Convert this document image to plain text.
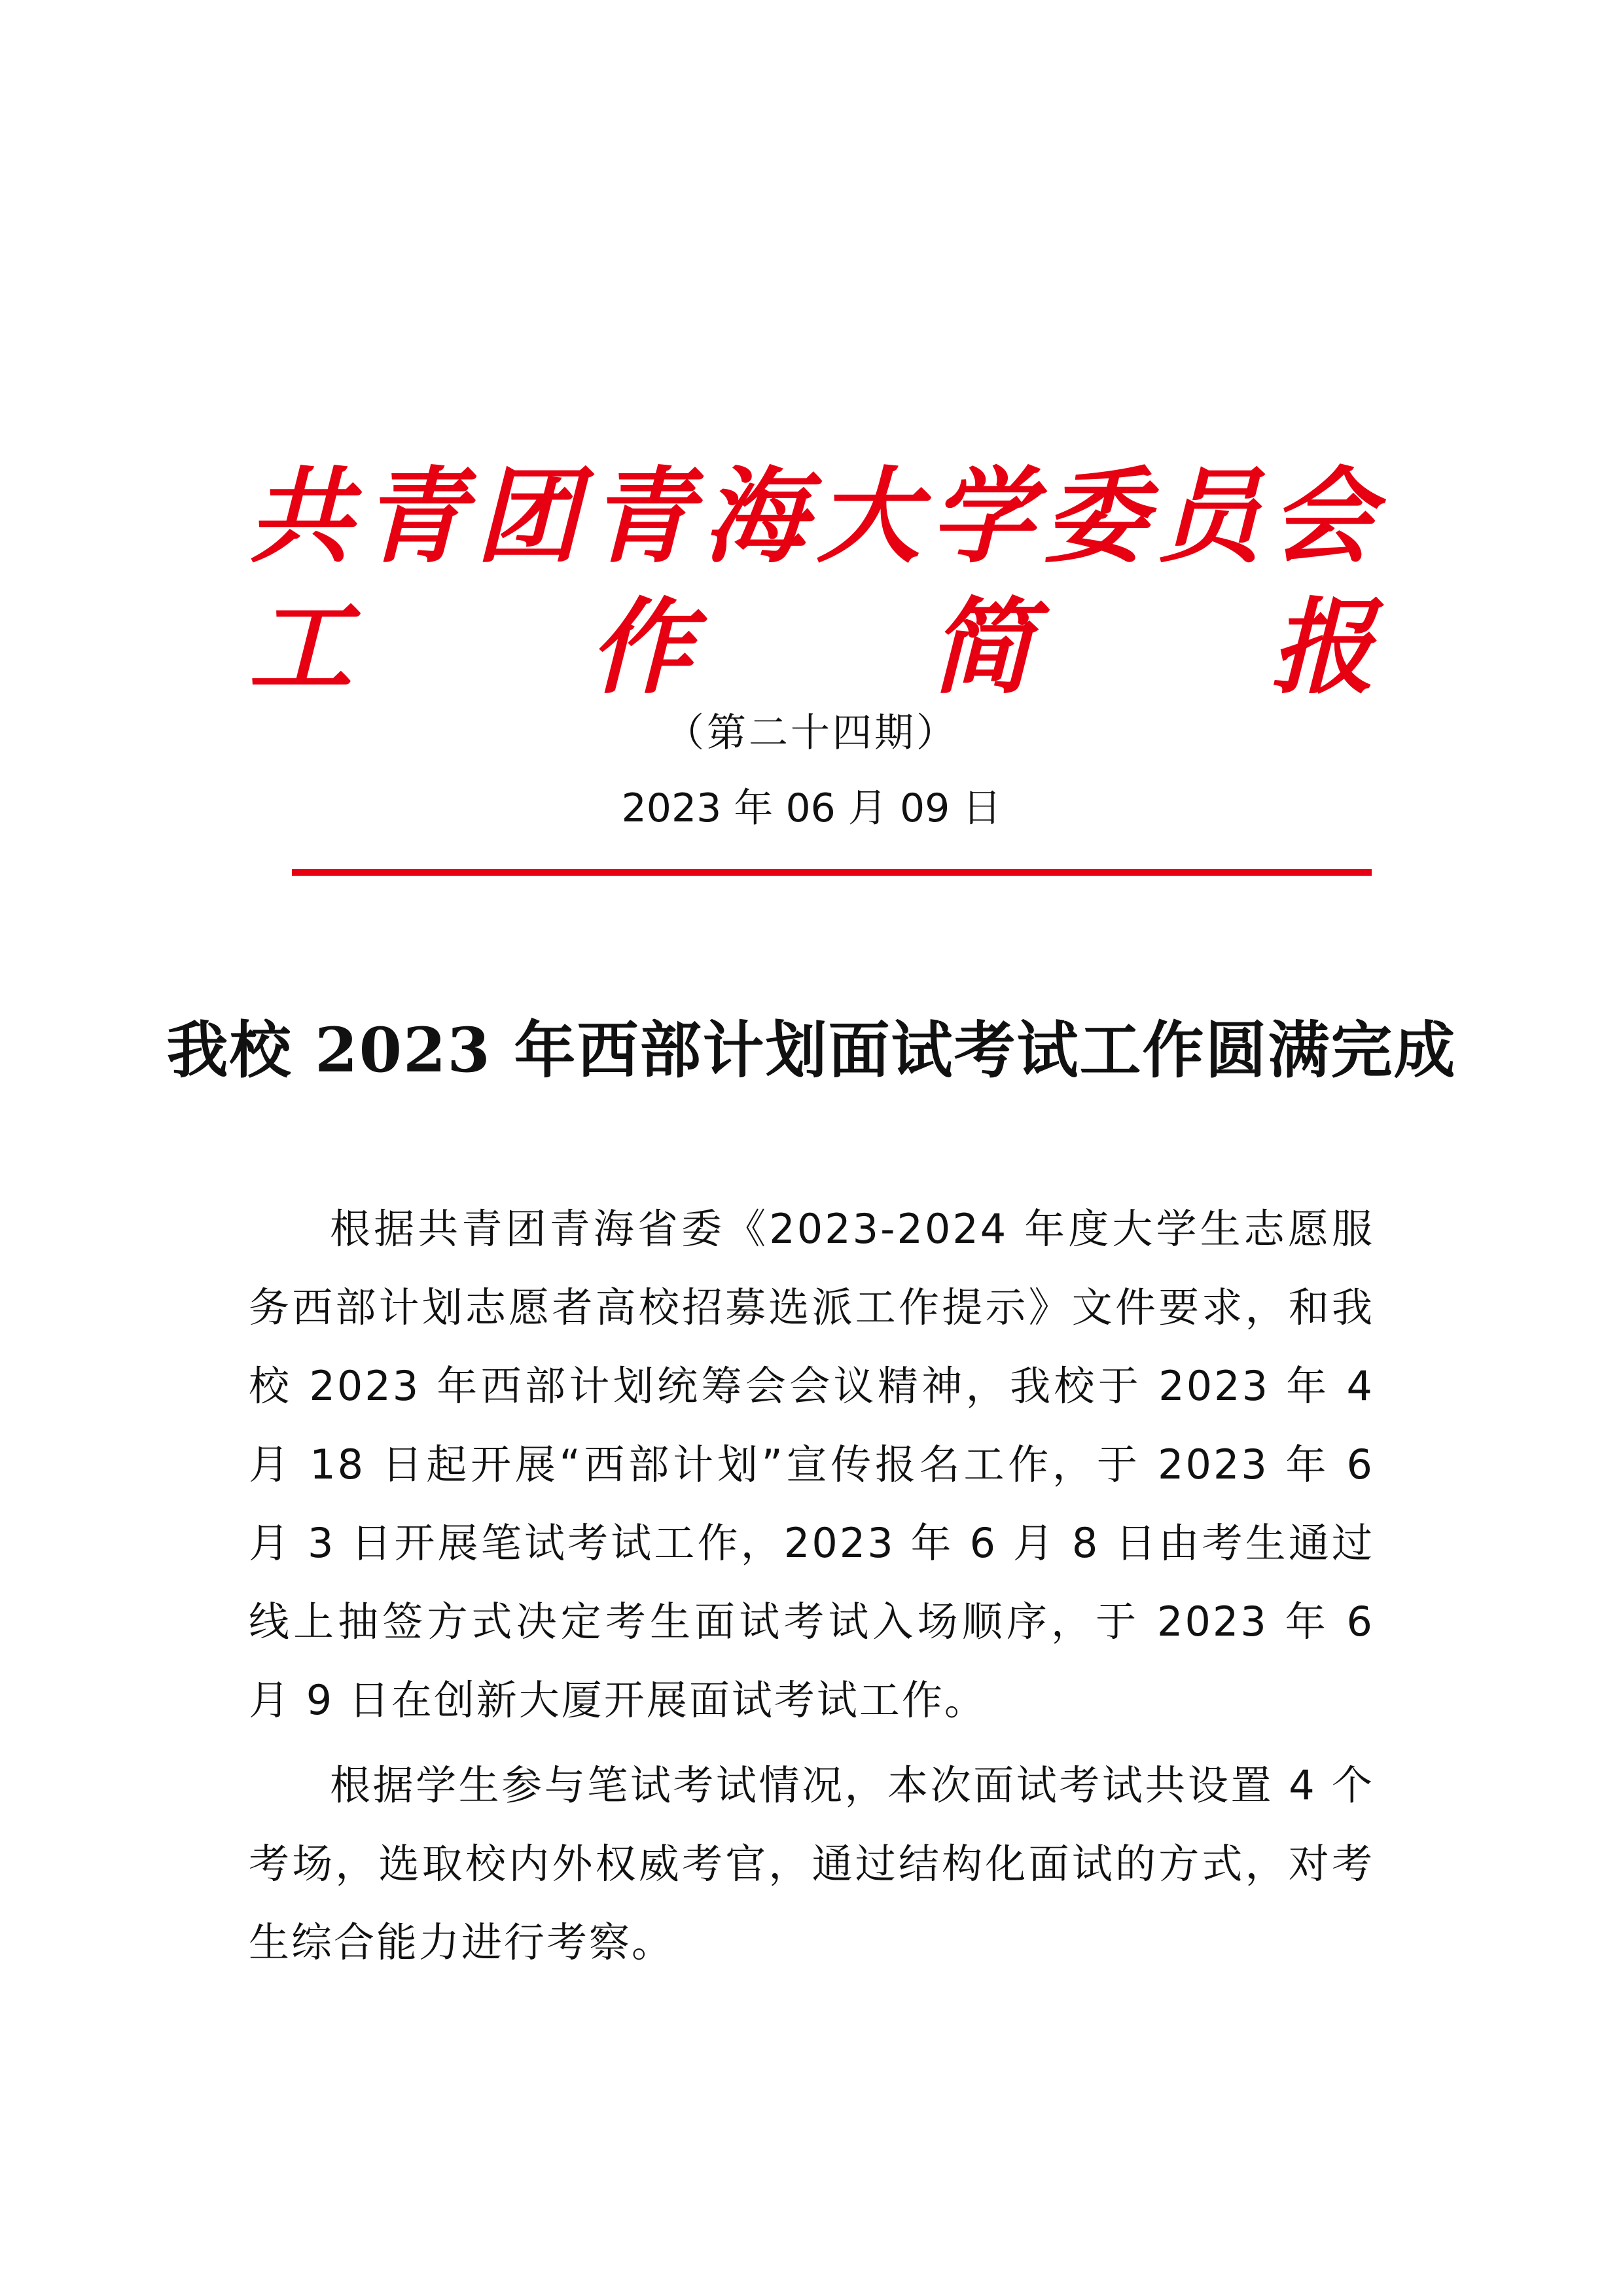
共 青 团 青 海 大 学 委 员 会
工 作 简 报
（第二十四期）
2023 年 06 月 09 日
我校 2023 年西部计划面试考试工作圆满完成

根据共青团青海省委《2023-2024 年度大学生志愿服务西部计划志愿者高校招募选派工作提示》文件要求，和我校 2023 年西部计划统筹会会议精神，我校于 2023 年 4 月 18 日起开展“西部计划”宣传报名工作，于 2023 年 6 月 3 日开展笔试考试工作，2023 年 6 月 8 日由考生通过线上抽签方式决定考生面试考试入场顺序，于 2023 年 6 月 9 日在创新大厦开展面试考试工作。

根据学生参与笔试考试情况，本次面试考试共设置 4 个考场，选取校内外权威考官，通过结构化面试的方式，对考生综合能力进行考察。
